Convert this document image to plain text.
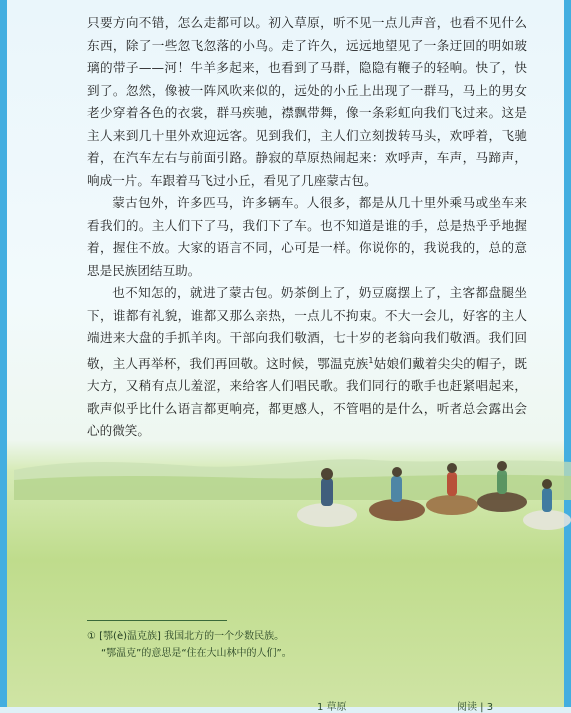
只要方向不错，怎么走都可以。初入草原，听不见一点儿声音，也看不见什么东西，除了一些忽飞忽落的小鸟。走了许久，远远地望见了一条迂回的明如玻璃的带子——河！牛羊多起来，也看到了马群，隐隐有鞭子的轻响。快了，快到了。忽然，像被一阵风吹来似的，远处的小丘上出现了一群马，马上的男女老少穿着各色的衣裳，群马疾驰，襟飘带舞，像一条彩虹向我们飞过来。这是主人来到几十里外欢迎远客。见到我们，主人们立刻拨转马头，欢呼着，飞驰着，在汽车左右与前面引路。静寂的草原热闹起来：欢呼声，车声，马蹄声，响成一片。车跟着马飞过小丘，看见了几座蒙古包。

蒙古包外，许多匹马，许多辆车。人很多，都是从几十里外乘马或坐车来看我们的。主人们下了马，我们下了车。也不知道是谁的手，总是热乎乎地握着，握住不放。大家的语言不同，心可是一样。你说你的，我说我的，总的意思是民族团结互助。

也不知怎的，就进了蒙古包。奶茶倒上了，奶豆腐摆上了，主客都盘腿坐下，谁都有礼貌，谁都又那么亲热，一点儿不拘束。不大一会儿，好客的主人端进来大盘的手抓羊肉。干部向我们敬酒，七十岁的老翁向我们敬酒。我们回敬，主人再举杯，我们再回敬。这时候，鄂温克族$^1$姑娘们戴着尖尖的帽子，既大方，又稍有点儿羞涩，来给客人们唱民歌。我们同行的歌手也赶紧唱起来，歌声似乎比什么语言都更响亮，都更感人，不管唱的是什么，听者总会露出会心的微笑。

① [鄂(è)温克族] 我国北方的一个少数民族。
“鄂温克”的意思是“住在大山林中的人们”。
1 草原	阅读 | 3
